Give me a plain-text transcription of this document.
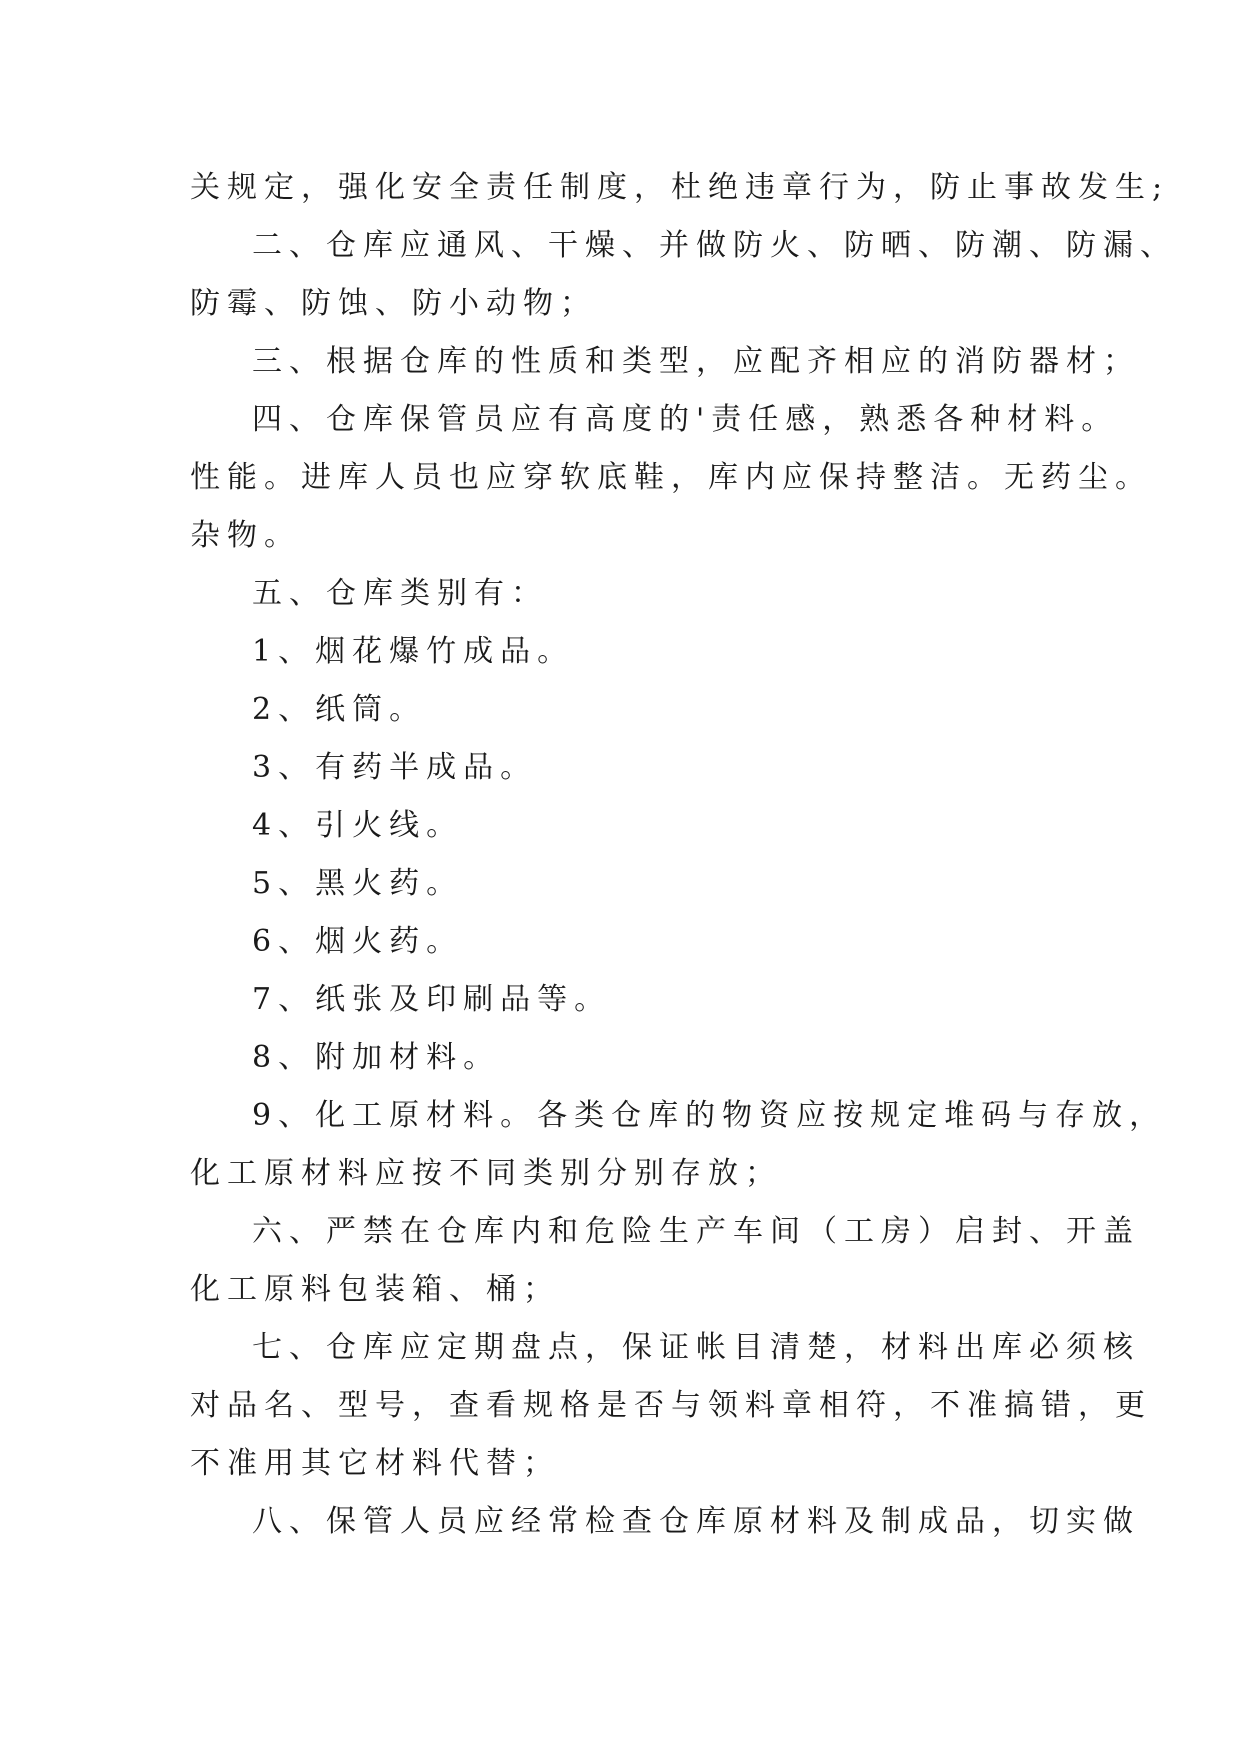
关规定，强化安全责任制度，杜绝违章行为，防止事故发生;
二、仓库应通风、干燥、并做防火、防晒、防潮、防漏、
防霉、防蚀、防小动物；
三、根据仓库的性质和类型，应配齐相应的消防器材；
四、仓库保管员应有高度的'责任感，熟悉各种材料。
性能。进库人员也应穿软底鞋，库内应保持整洁。无药尘。
杂物。
五、仓库类别有：
1、烟花爆竹成品。
2、纸筒。
3、有药半成品。
4、引火线。
5、黑火药。
6、烟火药。
7、纸张及印刷品等。
8、附加材料。
9、化工原材料。各类仓库的物资应按规定堆码与存放，
化工原材料应按不同类别分别存放；
六、严禁在仓库内和危险生产车间（工房）启封、开盖
化工原料包装箱、桶；
七、仓库应定期盘点，保证帐目清楚，材料出库必须核
对品名、型号，查看规格是否与领料章相符，不准搞错，更
不准用其它材料代替；
八、保管人员应经常检查仓库原材料及制成品，切实做
